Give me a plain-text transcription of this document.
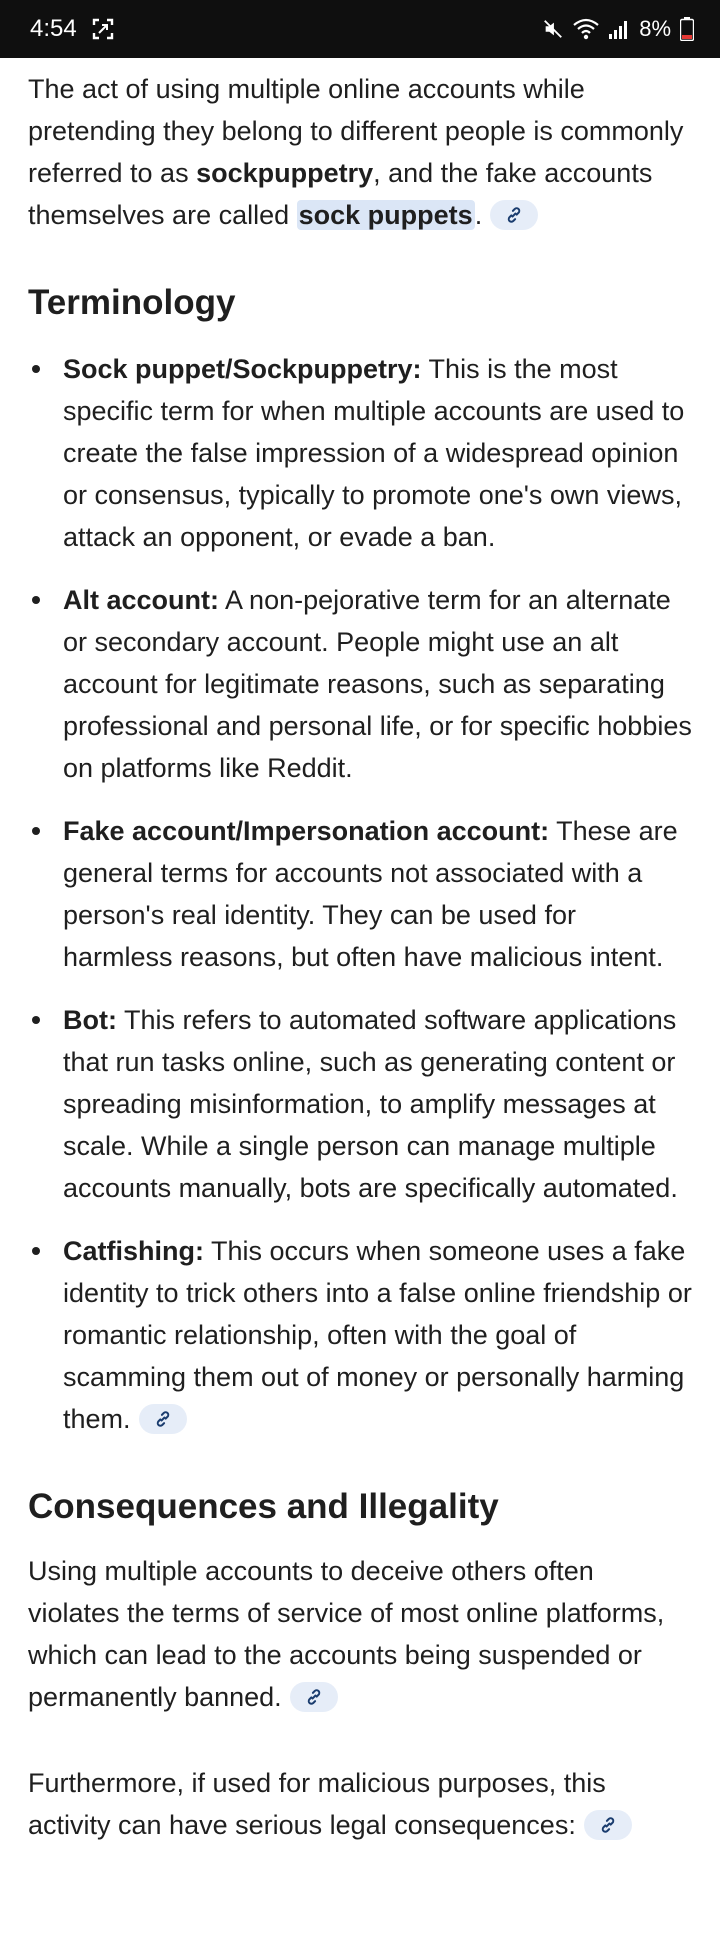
4:54	8%

The act of using multiple online accounts while pretending they belong to different people is commonly referred to as sockpuppetry, and the fake accounts themselves are called sock puppets.

Terminology
Sock puppet/Sockpuppetry: This is the most specific term for when multiple accounts are used to create the false impression of a widespread opinion or consensus, typically to promote one's own views, attack an opponent, or evade a ban.
Alt account: A non-pejorative term for an alternate or secondary account. People might use an alt account for legitimate reasons, such as separating professional and personal life, or for specific hobbies on platforms like Reddit.
Fake account/Impersonation account: These are general terms for accounts not associated with a person's real identity. They can be used for harmless reasons, but often have malicious intent.
Bot: This refers to automated software applications that run tasks online, such as generating content or spreading misinformation, to amplify messages at scale. While a single person can manage multiple accounts manually, bots are specifically automated.
Catfishing: This occurs when someone uses a fake identity to trick others into a false online friendship or romantic relationship, often with the goal of scamming them out of money or personally harming them.
Consequences and Illegality

Using multiple accounts to deceive others often violates the terms of service of most online platforms, which can lead to the accounts being suspended or permanently banned.

Furthermore, if used for malicious purposes, this activity can have serious legal consequences:
